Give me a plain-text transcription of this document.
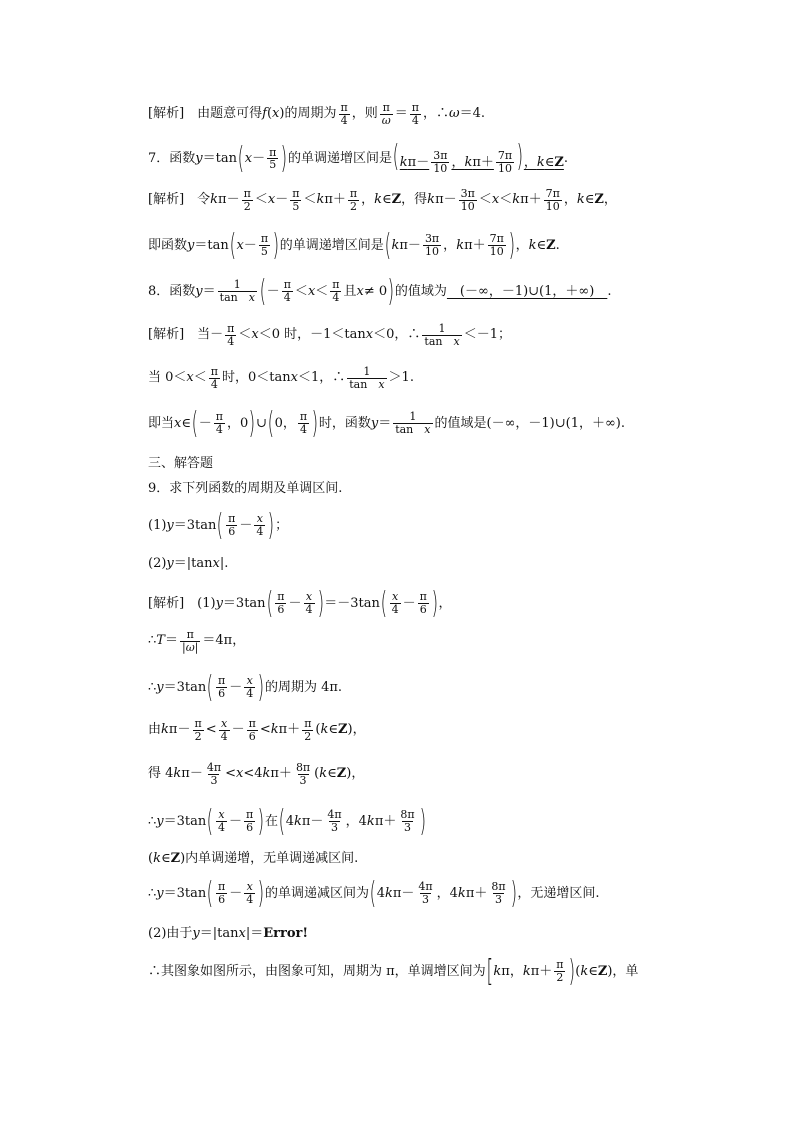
[解析]　由题意可得 f ( x )的周期为 $\frac{\pi}{4}$ ，则 $\frac{\pi}{\omega} = \frac{\pi}{4}$ ，∴ ω ＝4.
7．函数 y ＝tan ( $x - \frac{\pi}{5}$ ) 的单调递增区间是 ($k\pi- \frac{3\pi}{10}$ ，$k\pi+ \frac{7\pi}{10}$ )，k∈Z .
[解析]　令 k $\pi- \frac{\pi}{2} < x - \frac{\pi}{5} < k$ $\pi+ \frac{\pi}{2}$ ， k ∈ Z ，得 k $\pi- \frac{3\pi}{10} < x < k$ $\pi+ \frac{7\pi}{10}$ ， k ∈ Z ，
即函数 y ＝tan ( $x - \frac{\pi}{5}$ ) 的单调递增区间是 ( k $\pi- \frac{3\pi}{10}$ ， k $\pi+ \frac{7\pi}{10}$ ) ， k ∈ Z .
8．函数 $y = \frac{1}{\text{tan　x}}$ ( － $\frac{\pi}{4} < x < \frac{\pi}{4}$ 且 x ≠ 0 ) 的值域为 　(－∞，－1)∪(1，＋∞)　 .
[解析]　当－ $\frac{\pi}{4} < x <0$ 时，－1＜tan x ＜0，∴ $\frac{1}{\text{tan　x}} <-1$；
当 $0< x < \frac{\pi}{4}$ 时，0＜tan x ＜1，∴ $\frac{1}{\text{tan　x}} >1$.
即当 x ∈ ( － $\frac{\pi}{4}$ ，0 ) ∪ ( 0， $\frac{\pi}{4}$ ) 时，函数 $y = \frac{1}{\text{tan　x}}$ 的值域是(－∞，－1)∪(1，＋∞).
三、解答题
9．求下列函数的周期及单调区间.
(1) y ＝3tan ( $\frac{\pi}{6} - \frac{x}{4}$ ) ；
(2) y ＝|tan x |.
[解析]　(1) y ＝3tan ( $\frac{\pi}{6} - \frac{x}{4}$ ) ＝－3tan ( $\frac{x}{4} - \frac{\pi}{6}$ ) ，
∴ $T = \frac{\pi}{|\omega|} =4\pi$，
∴ y ＝3tan ( $\frac{\pi}{6} - \frac{x}{4}$ ) 的周期为 4π.
由 k $\pi- \frac{\pi}{2} < \frac{x}{4} - \frac{\pi}{6} < k$ $\pi+ \frac{\pi}{2}$ ( k ∈ Z )，
得 4 k $\pi- \frac{4\pi}{3} < x <4$ k $\pi+ \frac{8\pi}{3}$ ( k ∈ Z )，
∴ y ＝3tan ( $\frac{x}{4} - \frac{\pi}{6}$ ) 在 ( 4 k $\pi- \frac{4\pi}{3}$ ，4 k $\pi+ \frac{8\pi}{3}$ )
( k ∈ Z )内单调递增，无单调递减区间.
∴ y ＝3tan ( $\frac{\pi}{6} - \frac{x}{4}$ ) 的单调递减区间为 ( 4 k $\pi- \frac{4\pi}{3}$ ，4 k $\pi+ \frac{8\pi}{3}$ ) ，无递增区间.
(2)由于 y ＝|tan x |＝ Error!
∴其图象如图所示，由图象可知，周期为 π，单调增区间为 [ k π， k $\pi+ \frac{\pi}{2}$ ) ( k ∈ Z )，单
